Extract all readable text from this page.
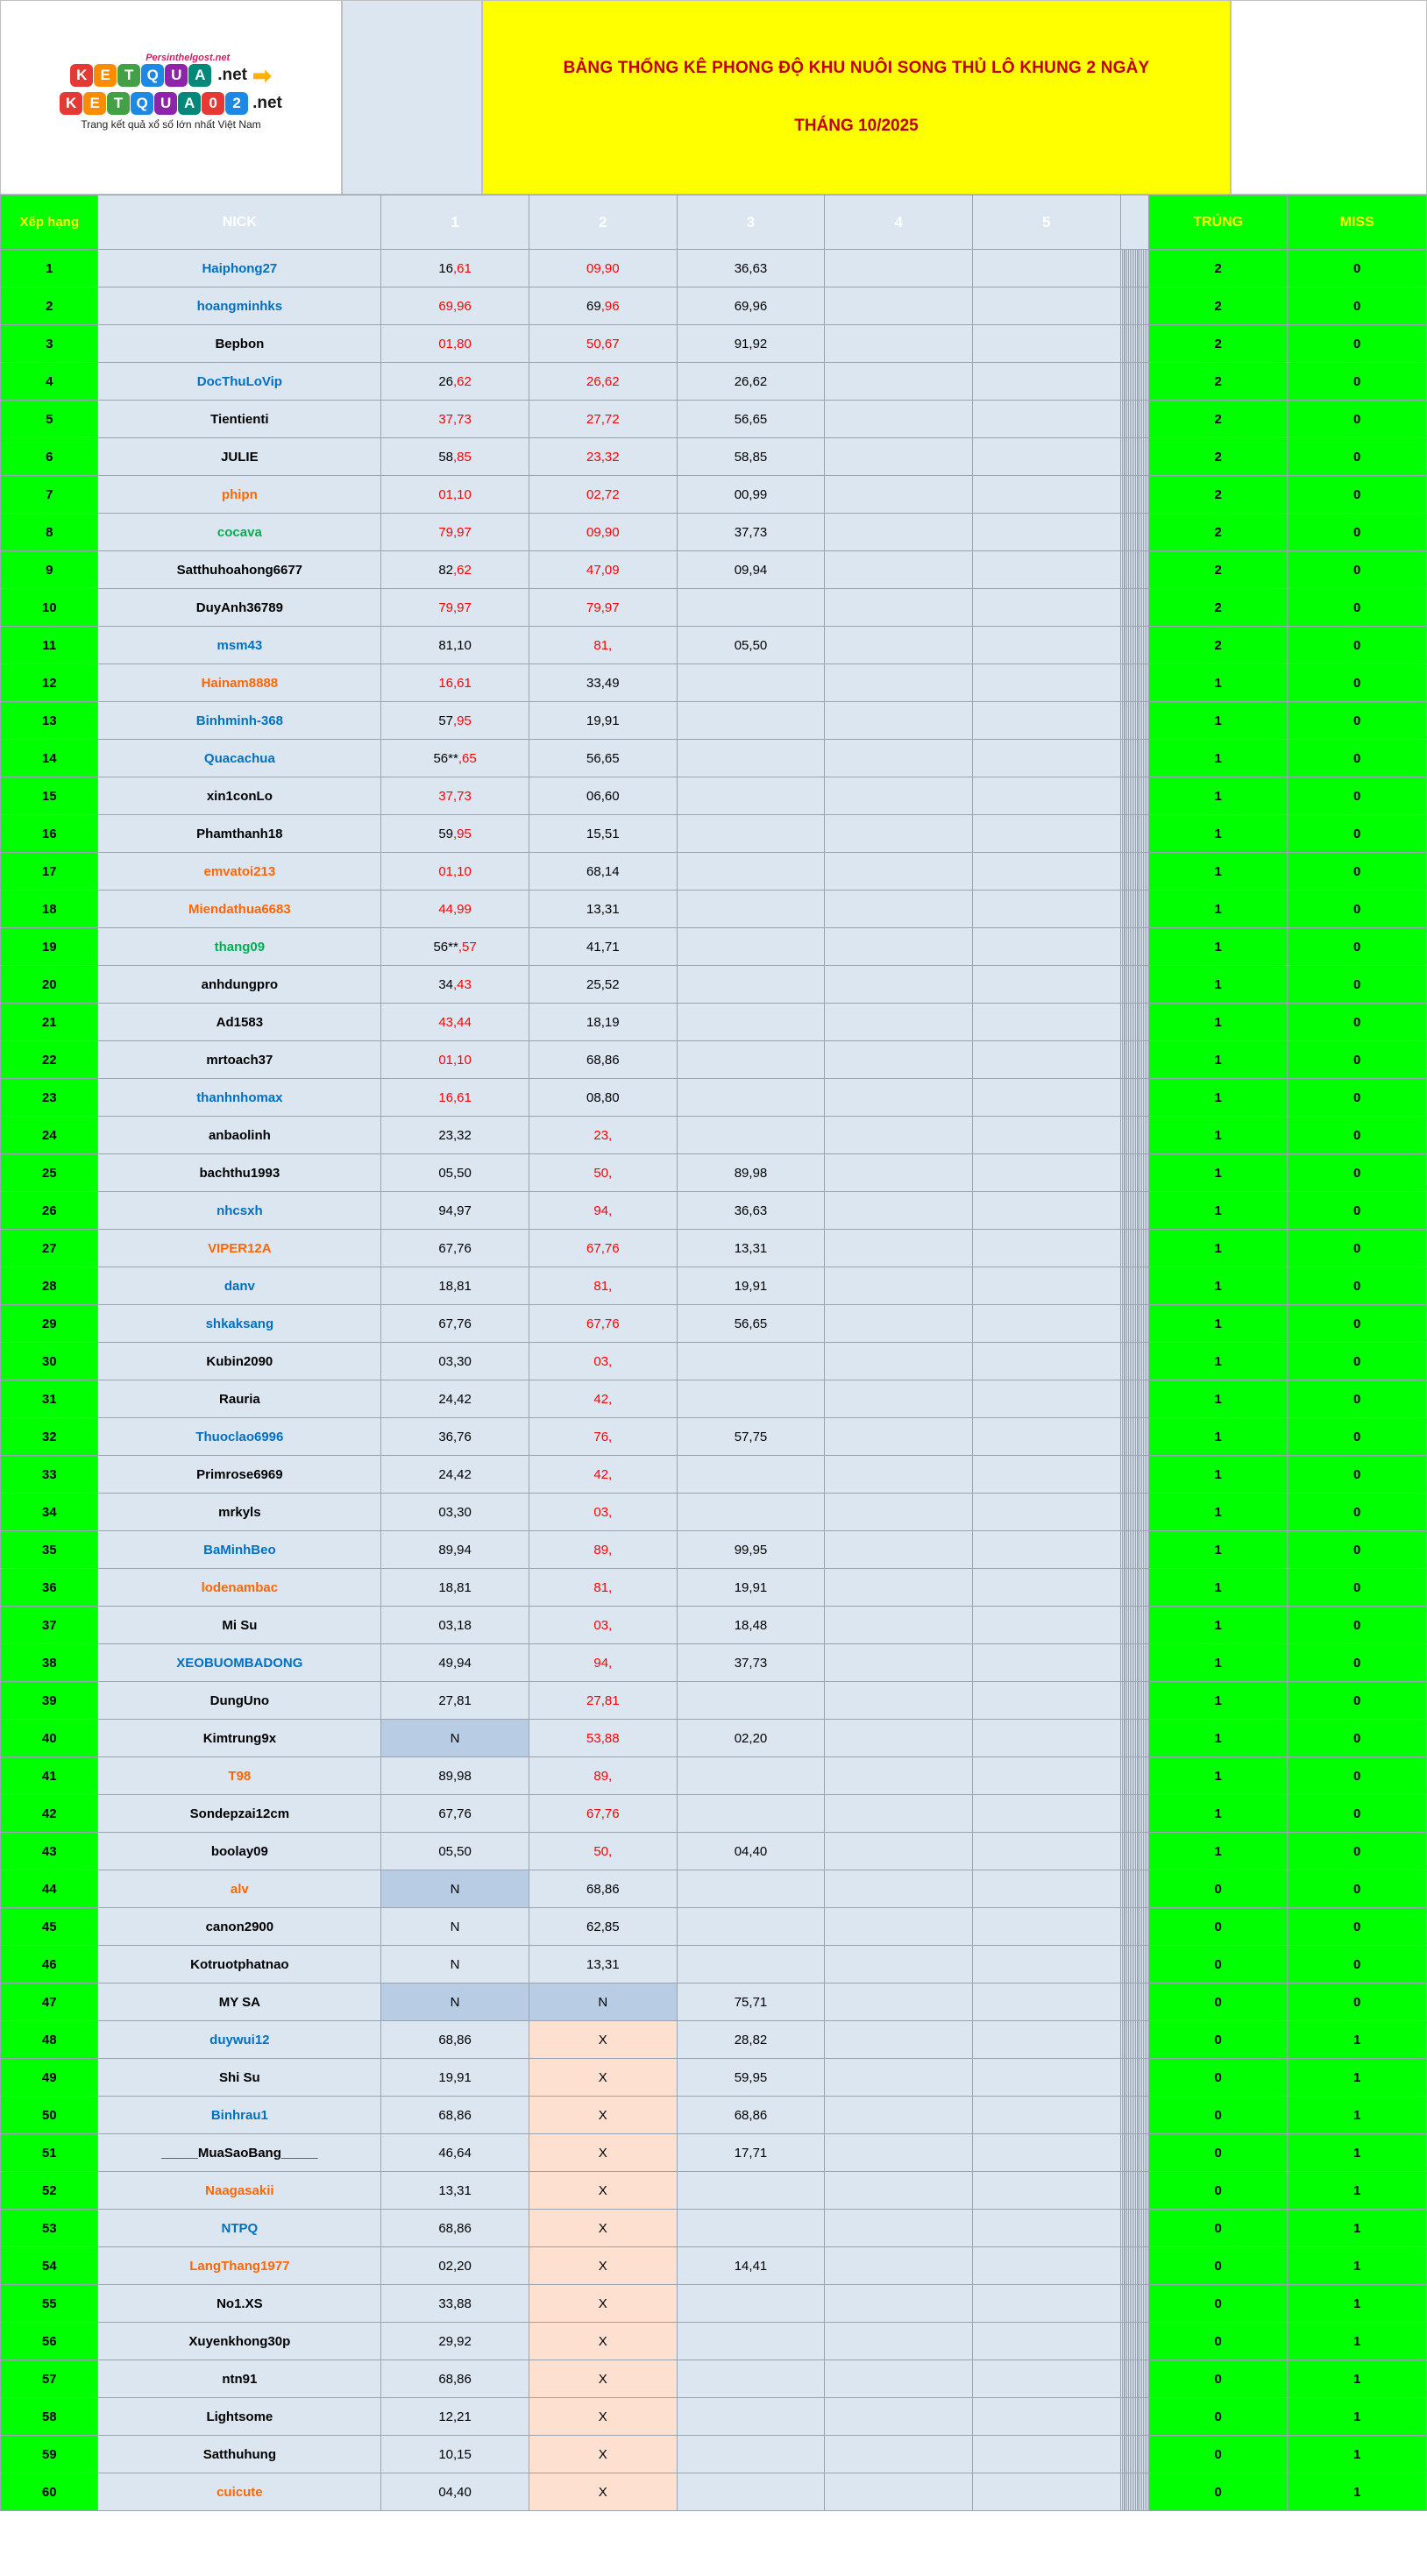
Persinthelgost.net
K E T Q U A .net ➡
K E T Q U A 0 2 .net
Trang kết quả xổ số lớn nhất Việt Nam
BẢNG THỐNG KÊ PHONG ĐỘ KHU NUÔI SONG THỦ LÔ KHUNG 2 NGÀY
THÁNG 10/2025
Xếp hạng	NICK	1	2	3	4	5																TRÚNG	MISS
1	Haiphong27	16,61	09,90	36,63																				2	0
2	hoangminhks	69,96	69,96	69,96																				2	0
3	Bepbon	01,80	50,67	91,92																				2	0
4	DocThuLoVip	26,62	26,62	26,62																				2	0
5	Tientienti	37,73	27,72	56,65																				2	0
6	JULIE	58,85	23,32	58,85																				2	0
7	phipn	01,10	02,72	00,99																				2	0
8	cocava	79,97	09,90	37,73																				2	0
9	Satthuhoahong6677	82,62	47,09	09,94																				2	0
10	DuyAnh36789	79,97	79,97																					2	0
11	msm43	81,10	81,	05,50																				2	0
12	Hainam8888	16,61	33,49																					1	0
13	Binhminh-368	57,95	19,91																					1	0
14	Quacachua	56**,65	56,65																					1	0
15	xin1conLo	37,73	06,60																					1	0
16	Phamthanh18	59,95	15,51																					1	0
17	emvatoi213	01,10	68,14																					1	0
18	Miendathua6683	44,99	13,31																					1	0
19	thang09	56**,57	41,71																					1	0
20	anhdungpro	34,43	25,52																					1	0
21	Ad1583	43,44	18,19																					1	0
22	mrtoach37	01,10	68,86																					1	0
23	thanhnhomax	16,61	08,80																					1	0
24	anbaolinh	23,32	23,																					1	0
25	bachthu1993	05,50	50,	89,98																				1	0
26	nhcsxh	94,97	94,	36,63																				1	0
27	VIPER12A	67,76	67,76	13,31																				1	0
28	danv	18,81	81,	19,91																				1	0
29	shkaksang	67,76	67,76	56,65																				1	0
30	Kubin2090	03,30	03,																					1	0
31	Rauria	24,42	42,																					1	0
32	Thuoclao6996	36,76	76,	57,75																				1	0
33	Primrose6969	24,42	42,																					1	0
34	mrkyls	03,30	03,																					1	0
35	BaMinhBeo	89,94	89,	99,95																				1	0
36	lodenambac	18,81	81,	19,91																				1	0
37	Mi Su	03,18	03,	18,48																				1	0
38	XEOBUOMBADONG	49,94	94,	37,73																				1	0
39	DungUno	27,81	27,81																					1	0
40	Kimtrung9x	N	53,88	02,20																				1	0
41	T98	89,98	89,																					1	0
42	Sondepzai12cm	67,76	67,76																					1	0
43	boolay09	05,50	50,	04,40																				1	0
44	alv	N	68,86																					0	0
45	canon2900	N	62,85																					0	0
46	Kotruotphatnao	N	13,31																					0	0
47	MY SA	N	N	75,71																				0	0
48	duywui12	68,86	X	28,82																				0	1
49	Shi Su	19,91	X	59,95																				0	1
50	Binhrau1	68,86	X	68,86																				0	1
51	_____MuaSaoBang_____	46,64	X	17,71																				0	1
52	Naagasakii	13,31	X																					0	1
53	NTPQ	68,86	X																					0	1
54	LangThang1977	02,20	X	14,41																				0	1
55	No1.XS	33,88	X																					0	1
56	Xuyenkhong30p	29,92	X																					0	1
57	ntn91	68,86	X																					0	1
58	Lightsome	12,21	X																					0	1
59	Satthuhung	10,15	X																					0	1
60	cuicute	04,40	X																					0	1
